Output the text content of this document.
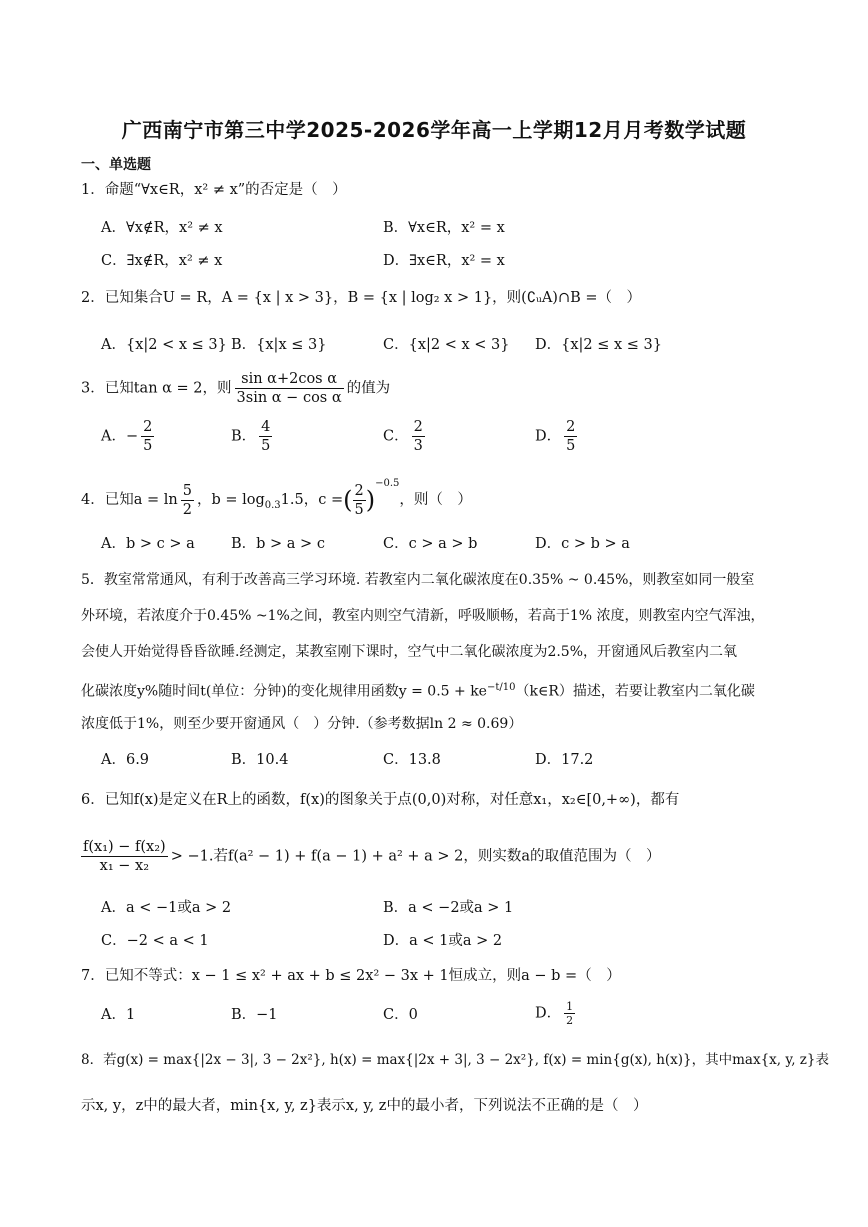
广西南宁市第三中学2025-2026学年高一上学期12月月考数学试题
一、单选题
1．命题“∀x∈R，x² ≠ x”的否定是（　）
A．∀x∉R，x² ≠ x	B．∀x∈R，x² = x
C．∃x∉R，x² ≠ x	D．∃x∈R，x² = x
2．已知集合U = R，A = {x | x > 3}，B = {x | log₂ x > 1}，则(∁ᵤA)∩B =（　）
A．{x|2 < x ≤ 3} B．{x|x ≤ 3}	C．{x|2 < x < 3} D．{x|2 ≤ x ≤ 3}
3．已知tan α = 2，则 $\frac{\text{sin α+2cos α}}{\text{3sin α − cos α}}$ 的值为
A．− $\frac{2}{5}$	B． $\frac{4}{5}$	C． $\frac{2}{3}$	D． $\frac{2}{5}$
4．已知$a = \ln \frac{5}{2}$ ，$b = \log_{0.3}1.5$，c =( $\frac{2}{5} )^{-0.5}$，则（　）
A．b > c > a B．b > a > c	C．c > a > b	D．c > b > a
5．教室常常通风，有利于改善高三学习环境. 若教室内二氧化碳浓度在0.35% ~ 0.45%，则教室如同一般室
外环境，若浓度介于0.45% ~1%之间，教室内则空气清新，呼吸顺畅，若高于1% 浓度，则教室内空气浑浊，
会使人开始觉得昏昏欲睡.经测定，某教室刚下课时，空气中二氧化碳浓度为2.5%，开窗通风后教室内二氧
化碳浓度y%随时间t(单位：分钟)的变化规律用函数$y = 0.5 + ke^{-t/10}(k\in R)$描述，若要让教室内二氧化碳
浓度低于1%，则至少要开窗通风（　）分钟.（参考数据ln 2 ≈ 0.69）
A．6.9	B．10.4	C．13.8	D．17.2
6．已知f(x)是定义在R上的函数，f(x)的图象关于点(0,0)对称，对任意x₁，x₂∈[0,+∞)，都有
$\frac{\text{f(x₁) − f(x₂)}}{\text{x₁ − x₂}} > -1$.若f(a² − 1) + f(a − 1) + a² + a > 2，则实数a的取值范围为（　）
A．a < −1或a > 2	B．a < −2或a > 1
C．−2 < a < 1	D．a < 1或a > 2
7．已知不等式：x − 1 ≤ x² + ax + b ≤ 2x² − 3x + 1恒成立，则a − b =（　）
A．1	B．−1	C．0	D． $\frac{1}{2}$
8．若g(x) = max{|2x − 3|, 3 − 2x²}, h(x) = max{|2x + 3|, 3 − 2x²}, f(x) = min{g(x), h(x)}，其中max{x, y, z}表
示x, y，z中的最大者，min{x, y, z}表示x, y, z中的最小者，下列说法不正确的是（　）
